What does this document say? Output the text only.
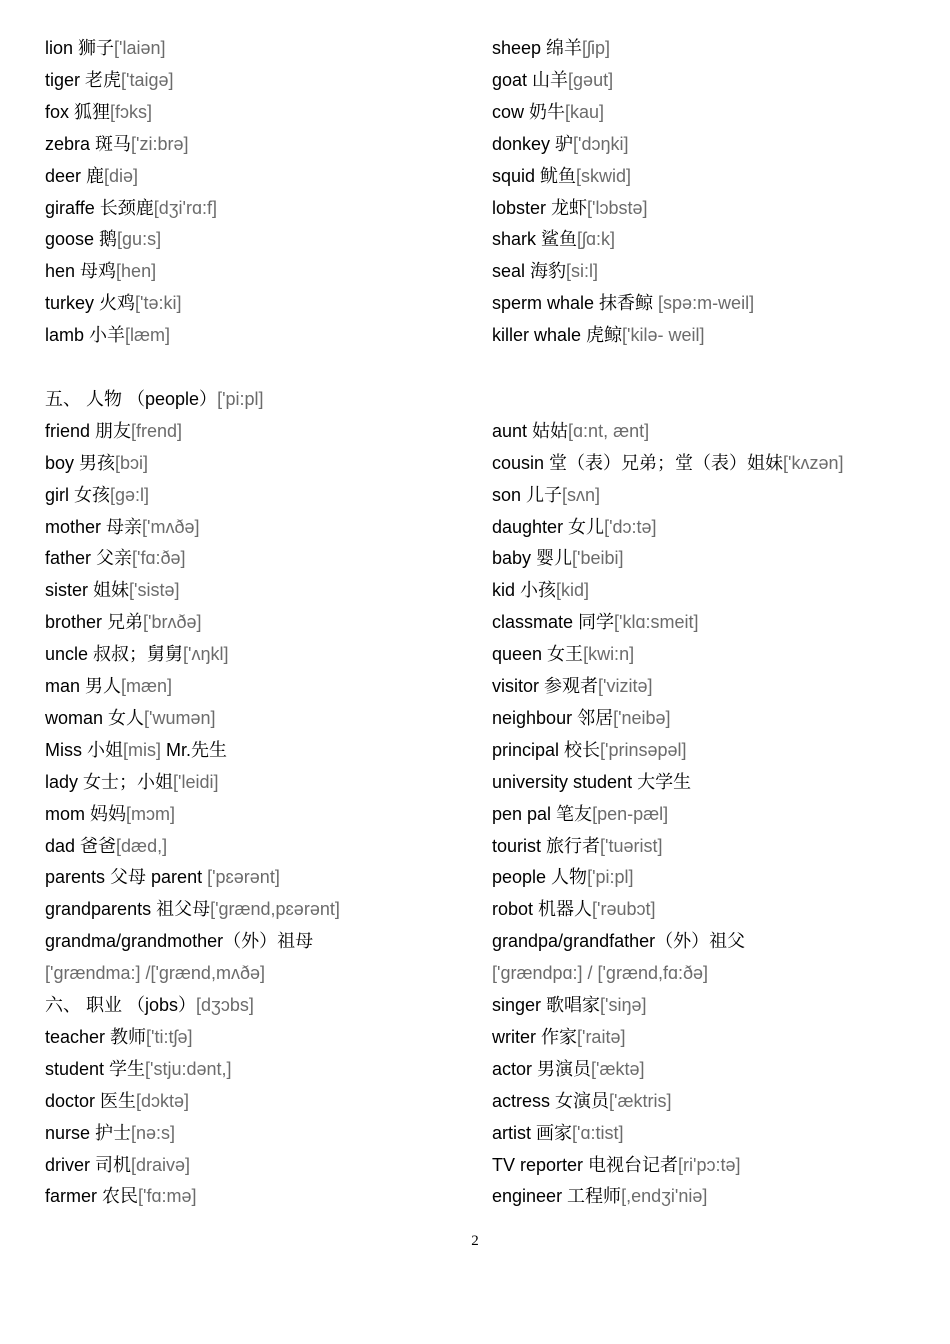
lion 狮子['laiən]	sheep 绵羊[ʃip]
tiger 老虎['taigə]	goat 山羊[gəut]
fox 狐狸[fɔks]	cow 奶牛[kau]
zebra 斑马['zi:brə]	donkey 驴['dɔŋki]
deer 鹿[diə]	squid 鱿鱼[skwid]
giraffe 长颈鹿[dʒi'rɑ:f]	lobster 龙虾['lɔbstə]
goose 鹅[gu:s]	shark 鲨鱼[ʃɑ:k]
hen 母鸡[hen]	seal 海豹[si:l]
turkey 火鸡['tə:ki]	sperm whale 抹香鲸 [spə:m-weil]
lamb 小羊[læm]	killer whale 虎鲸['kilə- weil]
五、 人物 （people）['pi:pl]
friend 朋友[frend]	aunt 姑姑[ɑ:nt, ænt]
boy 男孩[bɔi]	cousin 堂（表）兄弟；堂（表）姐妹['kʌzən]
girl 女孩[gə:l]	son 儿子[sʌn]
mother 母亲['mʌðə]	daughter 女儿['dɔ:tə]
father 父亲['fɑ:ðə]	baby 婴儿['beibi]
sister 姐妹['sistə]	kid 小孩[kid]
brother 兄弟['brʌðə]	classmate 同学['klɑ:smeit]
uncle 叔叔；舅舅['ʌŋkl]	queen 女王[kwi:n]
man 男人[mæn]	visitor 参观者['vizitə]
woman 女人['wumən]	neighbour 邻居['neibə]
Miss 小姐[mis] Mr.先生	principal 校长['prinsəpəl]
lady 女士；小姐['leidi]	university student 大学生
mom 妈妈[mɔm]	pen pal 笔友[pen-pæl]
dad 爸爸[dæd,]	tourist 旅行者['tuərist]
parents 父母 parent ['pɛərənt]	people 人物['pi:pl]
grandparents 祖父母['grænd,pɛərənt]	robot 机器人['rəubɔt]
grandma/grandmother（外）祖母	grandpa/grandfather（外）祖父
['grændma:] /['grænd,mʌðə]	['grændpɑ:] / ['grænd,fɑ:ðə]
六、 职业 （jobs）[dʒɔbs]	singer 歌唱家['siŋə]
teacher 教师['ti:tʃə]	writer 作家['raitə]
student 学生['stju:dənt,]	actor 男演员['æktə]
doctor 医生[dɔktə]	actress 女演员['æktris]
nurse 护士[nə:s]	artist 画家['ɑ:tist]
driver 司机[draivə]	TV reporter 电视台记者[ri'pɔ:tə]
farmer 农民['fɑ:mə]	engineer 工程师[,endʒi'niə]
2
